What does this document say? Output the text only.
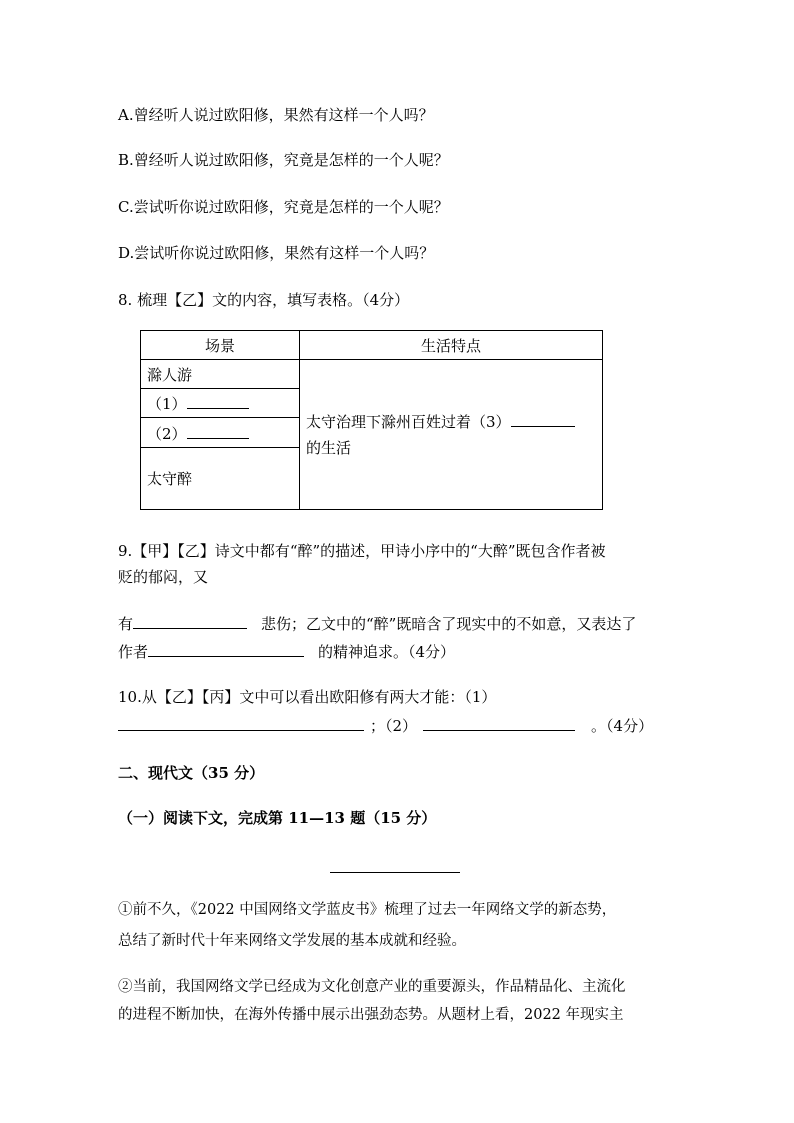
A.曾经听人说过欧阳修，果然有这样一个人吗？
B.曾经听人说过欧阳修，究竟是怎样的一个人呢？
C.尝试听你说过欧阳修，究竟是怎样的一个人呢？
D.尝试听你说过欧阳修，果然有这样一个人吗？
8. 梳理【乙】文的内容，填写表格。（4分）
场景	生活特点
滁人游	太守治理下滁州百姓过着（3）
的生活
（1）	
（2）	
太守醉	
9.【甲】【乙】诗文中都有“醉”的描述，甲诗小序中的“大醉”既包含作者被
贬的郁闷，又
有	悲伤；乙文中的“醉”既暗含了现实中的不如意，又表达了
作者	的精神追求。（4分）
10.从【乙】【丙】文中可以看出欧阳修有两大才能：（1）
；（2）	。（4分）
二、现代文（35 分）
（一）阅读下文，完成第 11—13 题（15 分）
①前不久，《2022 中国网络文学蓝皮书》梳理了过去一年网络文学的新态势，
总结了新时代十年来网络文学发展的基本成就和经验。
②当前，我国网络文学已经成为文化创意产业的重要源头，作品精品化、主流化
的进程不断加快，在海外传播中展示出强劲态势。从题材上看，2022 年现实主
